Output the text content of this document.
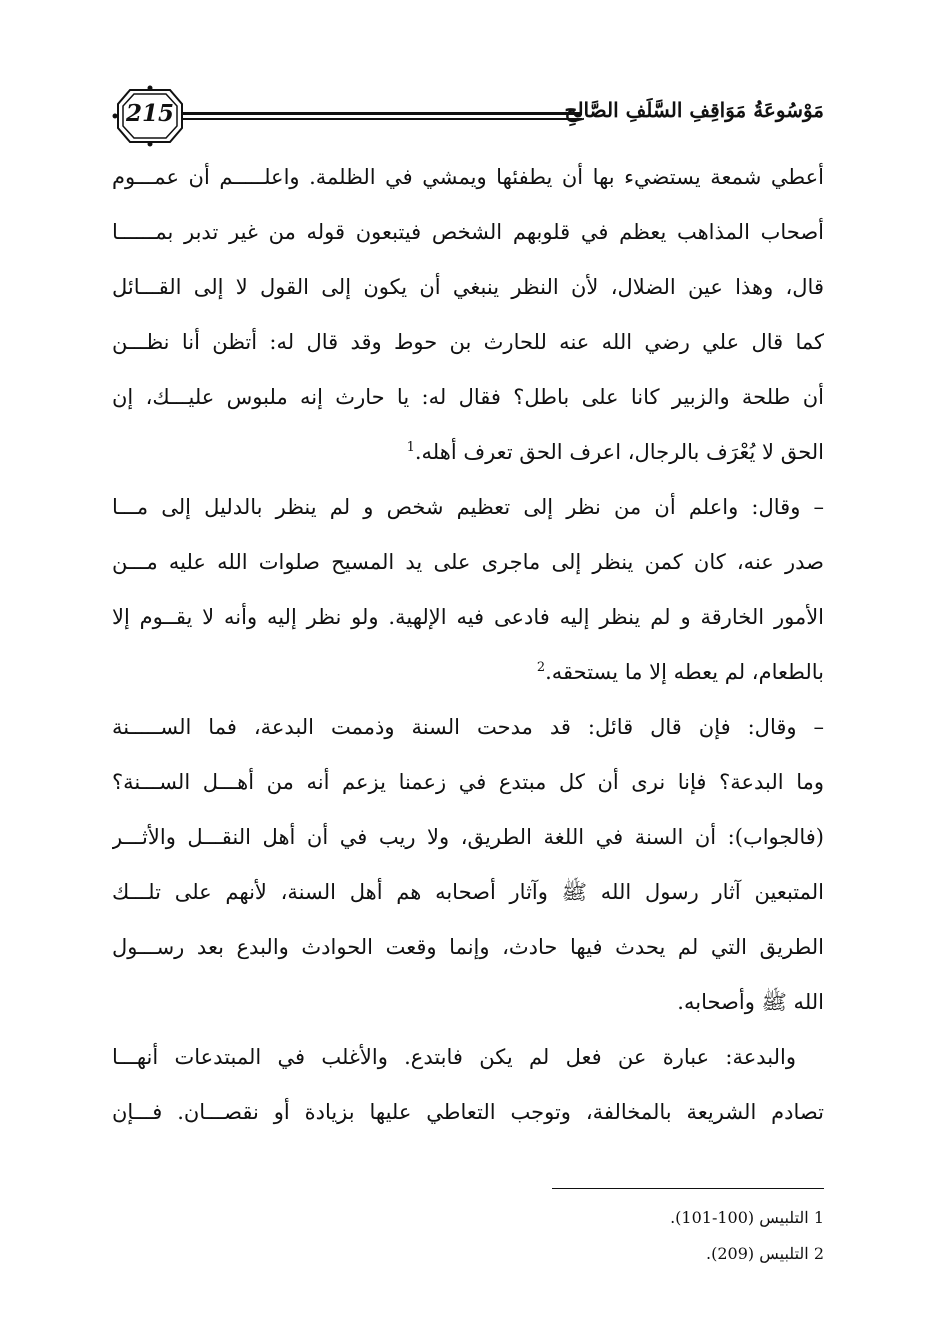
215	مَوْسُوعَةُ مَوَاقِفِ السَّلَفِ الصَّالِحِ
أعطي شمعة يستضيء بها أن يطفئها ويمشي في الظلمة. واعلـــــم أن عمـــوم
أصحاب المذاهب يعظم في قلوبهم الشخص فيتبعون قوله من غير تدبر بمــــــا
قال، وهذا عين الضلال، لأن النظر ينبغي أن يكون إلى القول لا إلى القـــائل
كما قال علي رضي الله عنه للحارث بن حوط وقد قال له: أتظن أنا نظـــن
أن طلحة والزبير كانا على باطل؟ فقال له: يا حارث إنه ملبوس عليـــك، إن
الحق لا يُعْرَف بالرجال، اعرف الحق تعرف أهله.$^1$
– وقال: واعلم أن من نظر إلى تعظيم شخص و لم ينظر بالدليل إلى مـــا
صدر عنه، كان كمن ينظر إلى ماجرى على يد المسيح صلوات الله عليه مـــن
الأمور الخارقة و لم ينظر إليه فادعى فيه الإلهية. ولو نظر إليه وأنه لا يقــوم إلا
بالطعام، لم يعطه إلا ما يستحقه.$^2$
– وقال: فإن قال قائل: قد مدحت السنة وذممت البدعة، فما الســـــنة
وما البدعة؟ فإنا نرى أن كل مبتدع في زعمنا يزعم أنه من أهـــل الســـنة؟
(فالجواب): أن السنة في اللغة الطريق، ولا ريب في أن أهل النقـــل والأثـــر
المتبعين آثار رسول الله ﷺ وآثار أصحابه هم أهل السنة، لأنهم على تلـــك
الطريق التي لم يحدث فيها حادث، وإنما وقعت الحوادث والبدع بعد رســـول
الله ﷺ وأصحابه.
والبدعة: عبارة عن فعل لم يكن فابتدع. والأغلب في المبتدعات أنهـــا
تصادم الشريعة بالمخالفة، وتوجب التعاطي عليها بزيادة أو نقصـــان. فـــإن
1 التلبيس (100-101).
2 التلبيس (209).
